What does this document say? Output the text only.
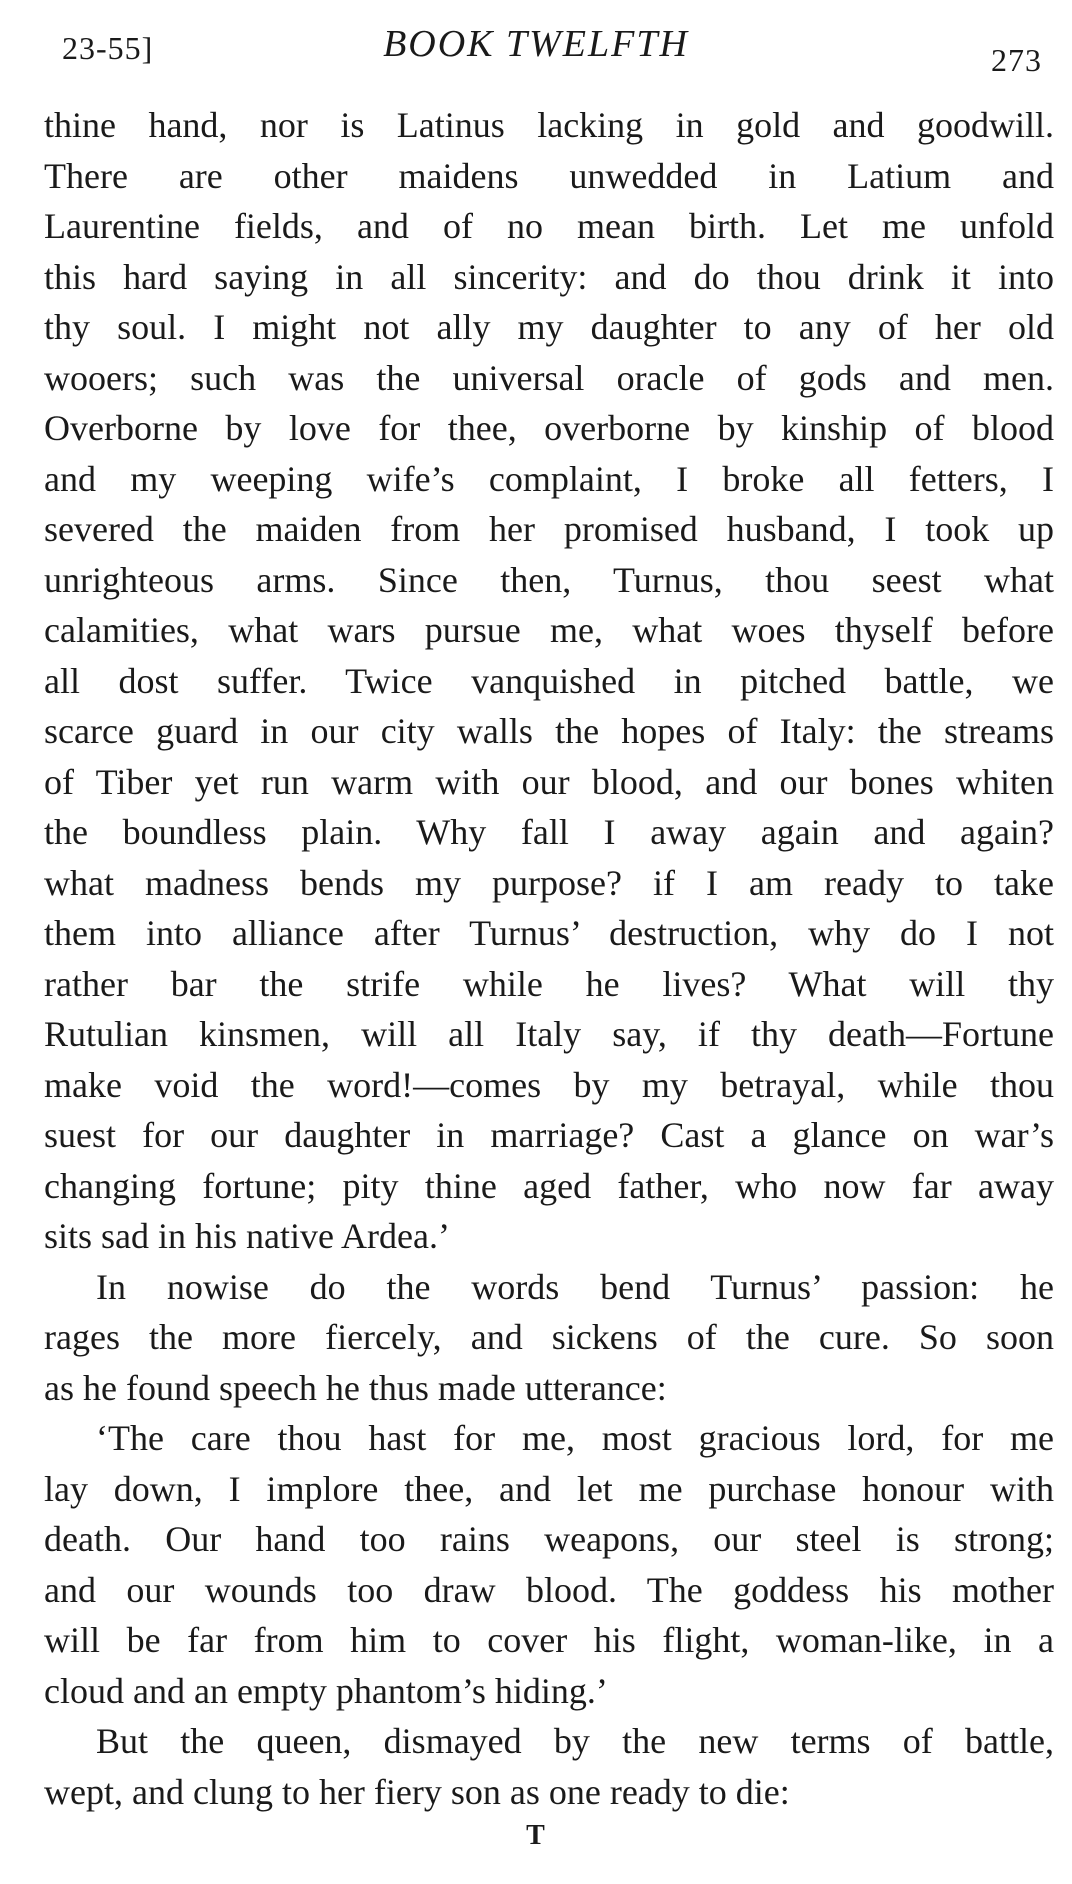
23-55]	BOOK TWELFTH	273
thine hand, nor is Latinus lacking in gold and goodwill.
There are other maidens unwedded in Latium and
Laurentine fields, and of no mean birth. Let me unfold
this hard saying in all sincerity: and do thou drink it into
thy soul. I might not ally my daughter to any of her old
wooers; such was the universal oracle of gods and men.
Overborne by love for thee, overborne by kinship of blood
and my weeping wife’s complaint, I broke all fetters, I
severed the maiden from her promised husband, I took up
unrighteous arms. Since then, Turnus, thou seest what
calamities, what wars pursue me, what woes thyself before
all dost suffer. Twice vanquished in pitched battle, we
scarce guard in our city walls the hopes of Italy: the streams
of Tiber yet run warm with our blood, and our bones whiten
the boundless plain. Why fall I away again and again?
what madness bends my purpose? if I am ready to take
them into alliance after Turnus’ destruction, why do I not
rather bar the strife while he lives? What will thy
Rutulian kinsmen, will all Italy say, if thy death—Fortune
make void the word!—comes by my betrayal, while thou
suest for our daughter in marriage? Cast a glance on war’s
changing fortune; pity thine aged father, who now far away
sits sad in his native Ardea.’
In nowise do the words bend Turnus’ passion: he
rages the more fiercely, and sickens of the cure. So soon
as he found speech he thus made utterance:
‘The care thou hast for me, most gracious lord, for me
lay down, I implore thee, and let me purchase honour with
death. Our hand too rains weapons, our steel is strong;
and our wounds too draw blood. The goddess his mother
will be far from him to cover his flight, woman-like, in a
cloud and an empty phantom’s hiding.’
But the queen, dismayed by the new terms of battle,
wept, and clung to her fiery son as one ready to die:
T
